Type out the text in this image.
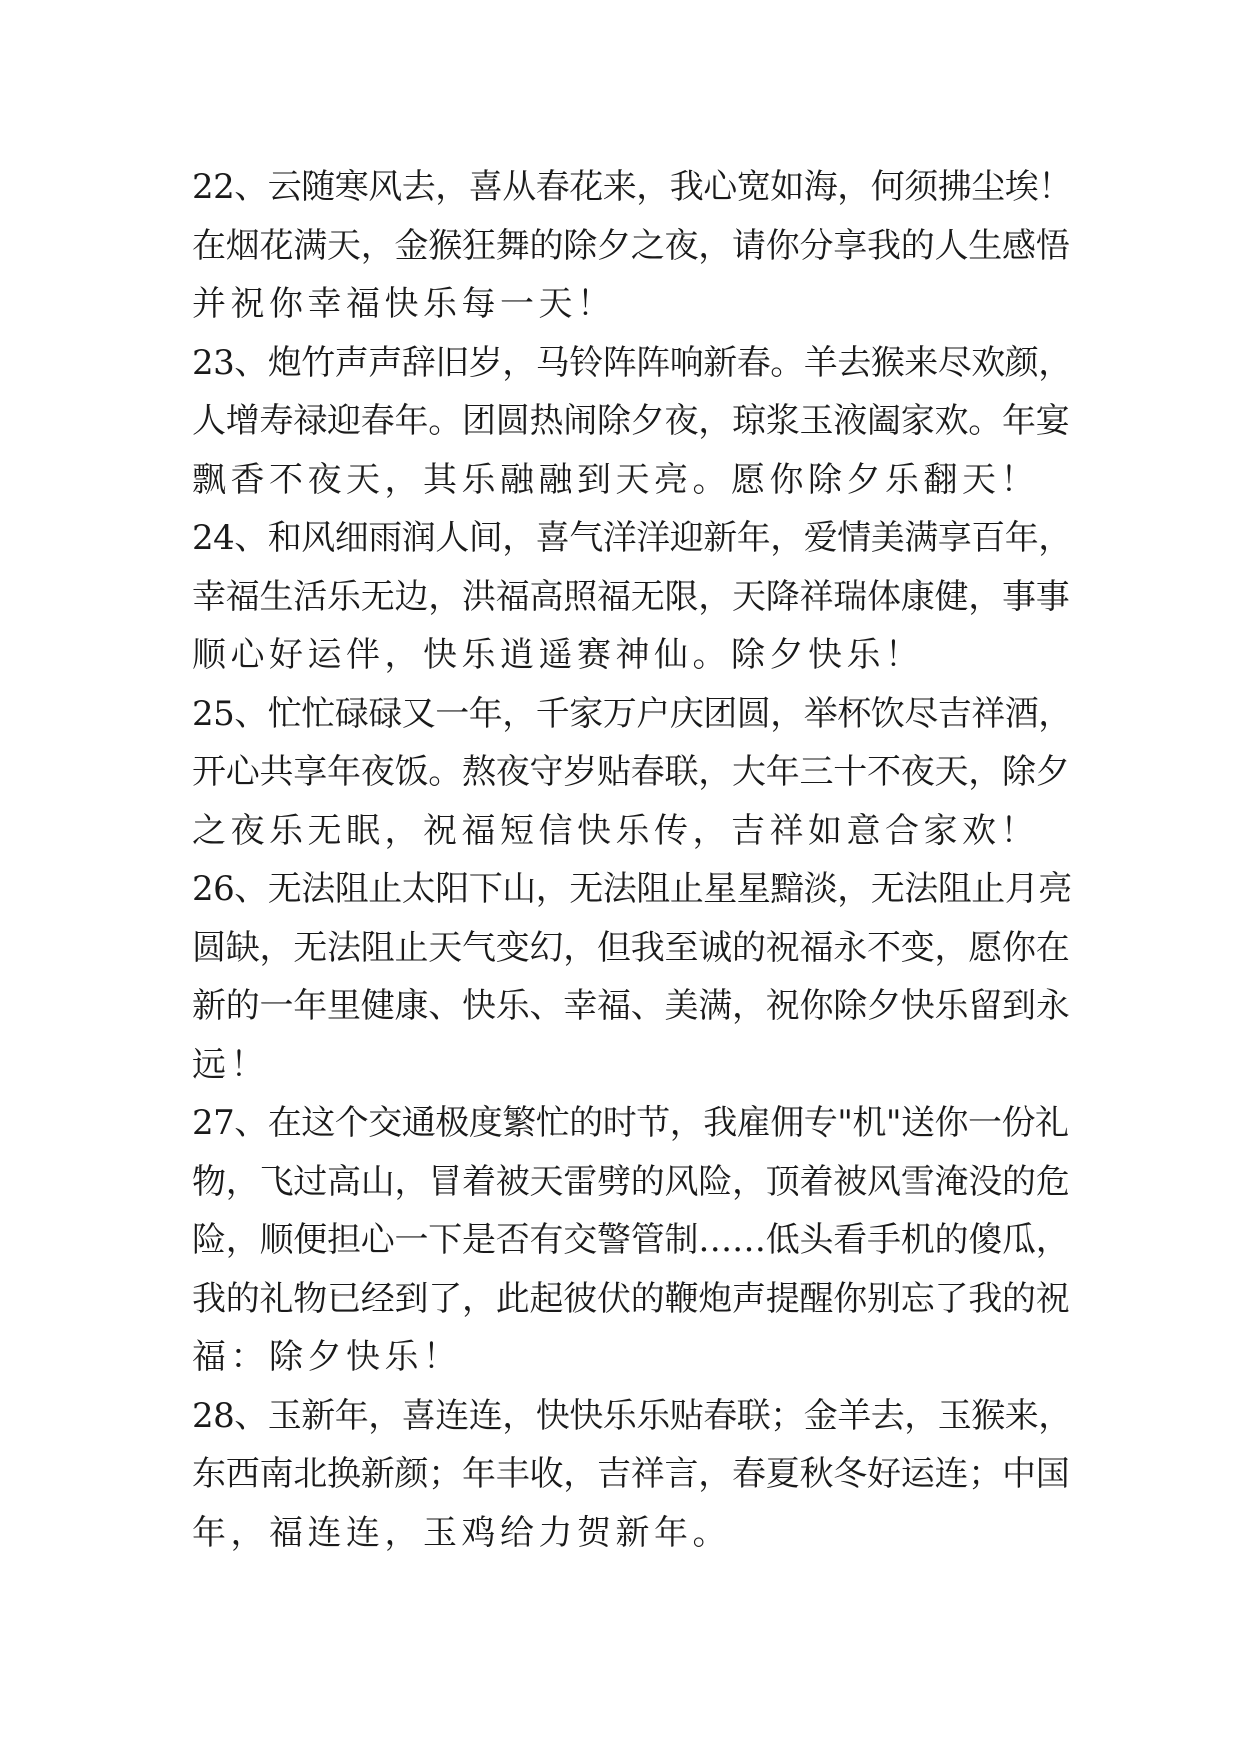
22、云随寒风去，喜从春花来，我心宽如海，何须拂尘埃！
在烟花满天，金猴狂舞的除夕之夜，请你分享我的人生感悟
并祝你幸福快乐每一天！
23、炮竹声声辞旧岁，马铃阵阵响新春。羊去猴来尽欢颜，
人增寿禄迎春年。团圆热闹除夕夜，琼浆玉液阖家欢。年宴
飘香不夜天，其乐融融到天亮。愿你除夕乐翻天！
24、和风细雨润人间，喜气洋洋迎新年，爱情美满享百年，
幸福生活乐无边，洪福高照福无限，天降祥瑞体康健，事事
顺心好运伴，快乐逍遥赛神仙。除夕快乐！
25、忙忙碌碌又一年，千家万户庆团圆，举杯饮尽吉祥酒，
开心共享年夜饭。熬夜守岁贴春联，大年三十不夜天，除夕
之夜乐无眠，祝福短信快乐传，吉祥如意合家欢！
26、无法阻止太阳下山，无法阻止星星黯淡，无法阻止月亮
圆缺，无法阻止天气变幻，但我至诚的祝福永不变，愿你在
新的一年里健康、快乐、幸福、美满，祝你除夕快乐留到永
远！
27、在这个交通极度繁忙的时节，我雇佣专"机"送你一份礼
物，飞过高山，冒着被天雷劈的风险，顶着被风雪淹没的危
险，顺便担心一下是否有交警管制……低头看手机的傻瓜，
我的礼物已经到了，此起彼伏的鞭炮声提醒你别忘了我的祝
福：除夕快乐！
28、玉新年，喜连连，快快乐乐贴春联；金羊去，玉猴来，
东西南北换新颜；年丰收，吉祥言，春夏秋冬好运连；中国
年，福连连，玉鸡给力贺新年。
